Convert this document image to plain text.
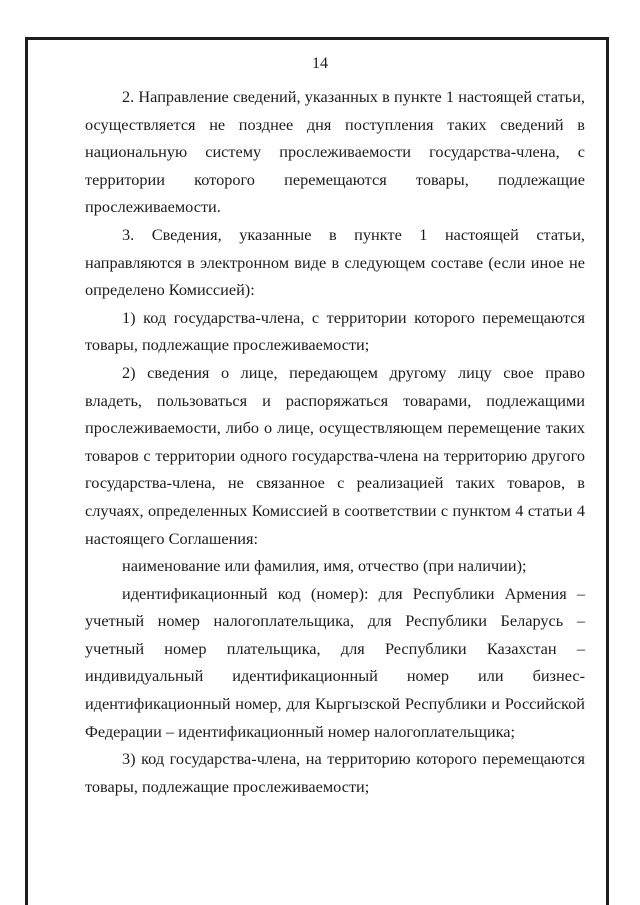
14

2. Направление сведений, указанных в пункте 1 настоящей статьи, осуществляется не позднее дня поступления таких сведений в национальную систему прослеживаемости государства-члена, с территории которого перемещаются товары, подлежащие прослеживаемости.

3. Сведения, указанные в пункте 1 настоящей статьи, направляются в электронном виде в следующем составе (если иное не определено Комиссией):

1) код государства-члена, с территории которого перемещаются товары, подлежащие прослеживаемости;

2) сведения о лице, передающем другому лицу свое право владеть, пользоваться и распоряжаться товарами, подлежащими прослеживаемости, либо о лице, осуществляющем перемещение таких товаров с территории одного государства-члена на территорию другого государства-члена, не связанное с реализацией таких товаров, в случаях, определенных Комиссией в соответствии с пунктом 4 статьи 4 настоящего Соглашения:

наименование или фамилия, имя, отчество (при наличии);

идентификационный код (номер): для Республики Армения – учетный номер налогоплательщика, для Республики Беларусь – учетный номер плательщика, для Республики Казахстан – индивидуальный идентификационный номер или бизнес-идентификационный номер, для Кыргызской Республики и Российской Федерации – идентификационный номер налогоплательщика;

3) код государства-члена, на территорию которого перемещаются товары, подлежащие прослеживаемости;
